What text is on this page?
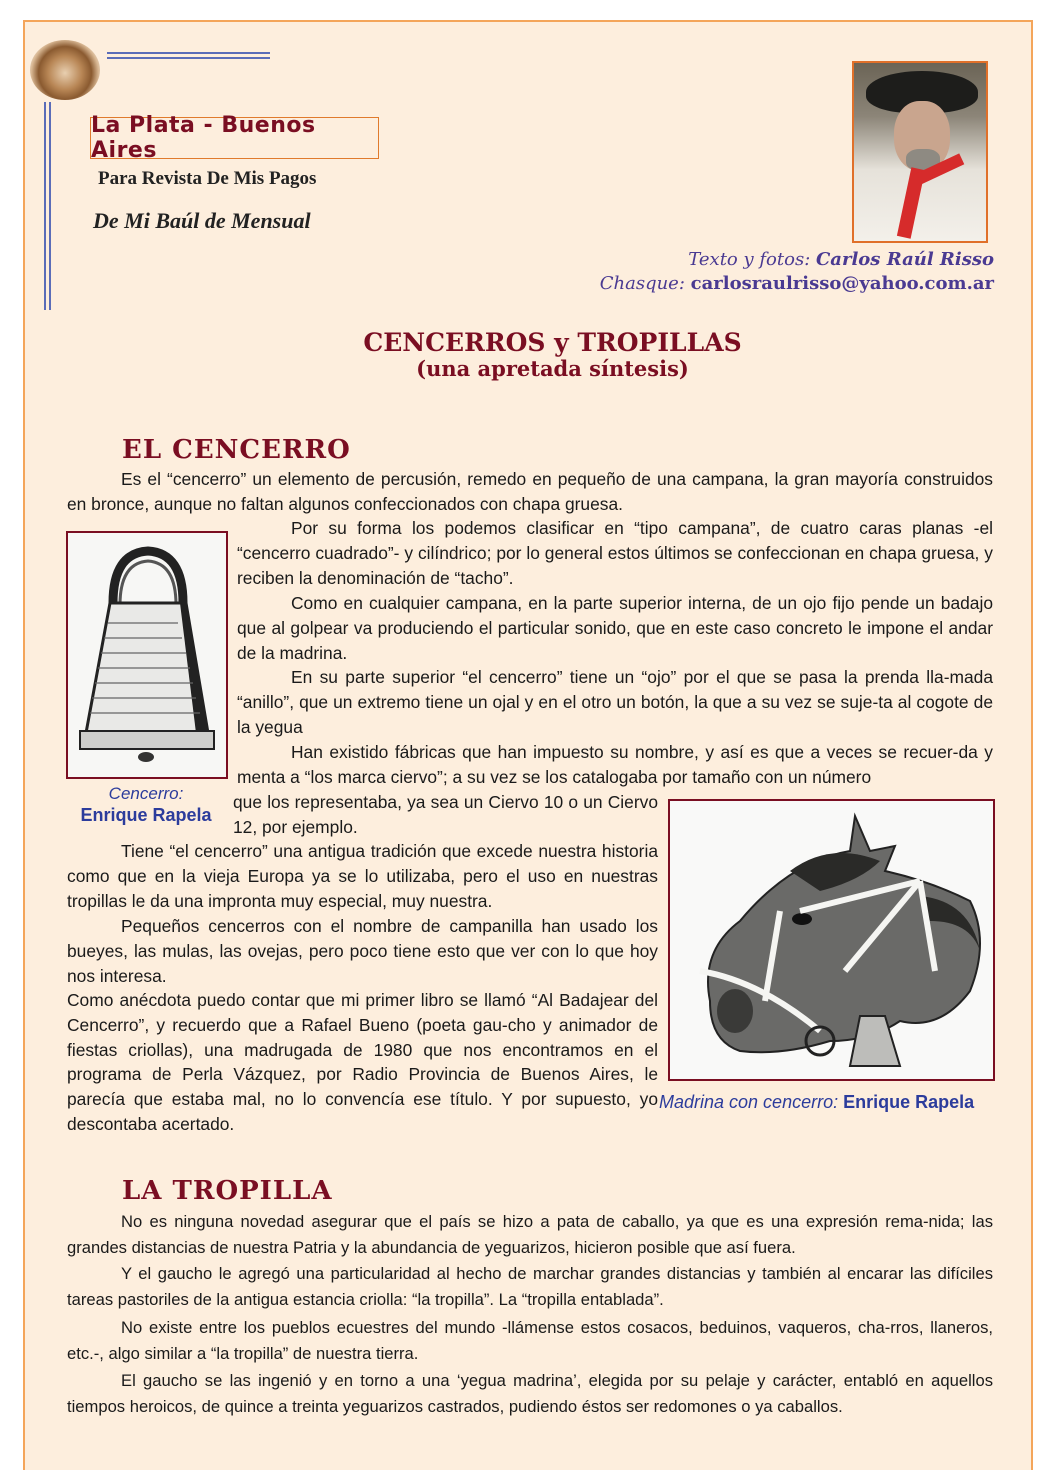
La Plata - Buenos Aires
Para Revista De Mis Pagos
De Mi Baúl de Mensual
Texto y fotos: Carlos Raúl Risso
Chasque: carlosraulrisso@yahoo.com.ar
CENCERROS y TROPILLAS
(una apretada síntesis)
EL CENCERRO
Es el “cencerro” un elemento de percusión, remedo en pequeño de una campana, la gran mayoría construidos en bronce, aunque no faltan algunos confeccionados con chapa gruesa.
Cencerro:
Enrique Rapela
Por su forma los podemos clasificar en “tipo campana”, de cuatro caras planas -el “cencerro cuadrado”- y cilíndrico; por lo general estos últimos se confeccionan en chapa gruesa, y reciben la denominación de “tacho”.
Como en cualquier campana, en la parte superior interna, de un ojo fijo pende un badajo que al golpear va produciendo el particular sonido, que en este caso concreto le impone el andar de la madrina.
En su parte superior “el cencerro” tiene un “ojo” por el que se pasa la prenda lla-mada “anillo”, que un extremo tiene un ojal y en el otro un botón, la que a su vez se suje-ta al cogote de la yegua
Han existido fábricas que han impuesto su nombre, y así es que a veces se recuer-da y menta a “los marca ciervo”; a su vez se los catalogaba por tamaño con un número
que los representaba, ya sea un Ciervo 10 o un Ciervo 12, por ejemplo.
Tiene “el cencerro” una antigua tradición que excede nuestra historia como que en la vieja Europa ya se lo utilizaba, pero el uso en nuestras tropillas le da una impronta muy especial, muy nuestra.
Pequeños cencerros con el nombre de campanilla han usado los bueyes, las mulas, las ovejas, pero poco tiene esto que ver con lo que hoy nos interesa.
Como anécdota puedo contar que mi primer libro se llamó “Al Badajear del Cencerro”, y recuerdo que a Rafael Bueno (poeta gau-cho y animador de fiestas criollas), una madrugada de 1980 que nos encontramos en el programa de Perla Vázquez, por Radio Provincia de Buenos Aires, le parecía que estaba mal, no lo convencía ese título. Y por supuesto, yo descontaba acertado.
Madrina con cencerro: Enrique Rapela
LA TROPILLA
No es ninguna novedad asegurar que el país se hizo a pata de caballo, ya que es una expresión rema-nida; las grandes distancias de nuestra Patria y la abundancia de yeguarizos, hicieron posible que así fuera.
Y el gaucho le agregó una particularidad al hecho de marchar grandes distancias y también al encarar las difíciles tareas pastoriles de la antigua estancia criolla: “la tropilla”. La “tropilla entablada”.
No existe entre los pueblos ecuestres del mundo -llámense estos cosacos, beduinos, vaqueros, cha-rros, llaneros, etc.-, algo similar a “la tropilla” de nuestra tierra.
El gaucho se las ingenió y en torno a una ‘yegua madrina’, elegida por su pelaje y carácter, entabló en aquellos tiempos heroicos, de quince a treinta yeguarizos castrados, pudiendo éstos ser redomones o ya caballos.
